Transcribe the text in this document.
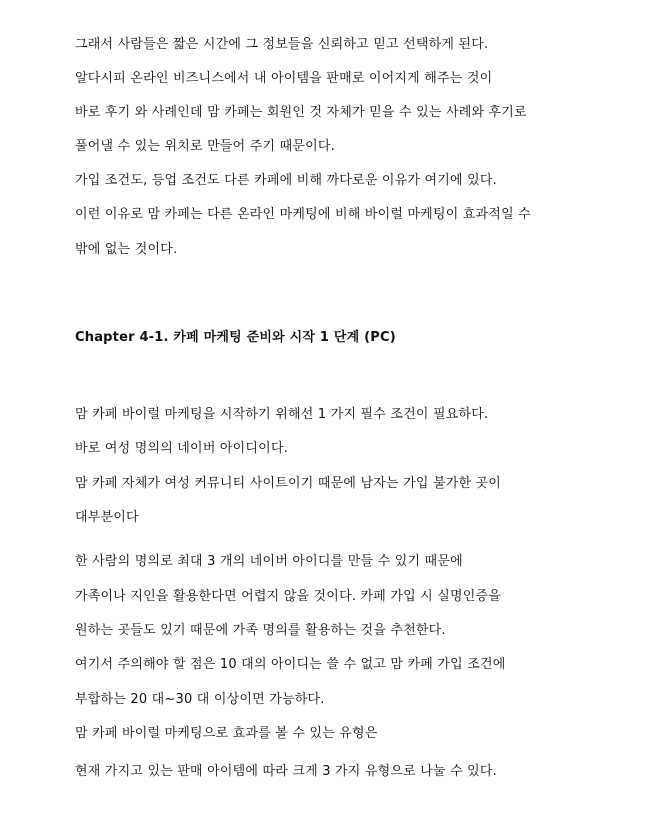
그래서 사람들은 짧은 시간에 그 정보들을 신뢰하고 믿고 선택하게 된다.
알다시피 온라인 비즈니스에서 내 아이템을 판매로 이어지게 해주는 것이
바로 후기 와 사례인데 맘 카페는 회원인 것 자체가 믿을 수 있는 사례와 후기로
풀어낼 수 있는 위치로 만들어 주기 때문이다.
가입 조건도, 등업 조건도 다른 카페에 비해 까다로운 이유가 여기에 있다.
이런 이유로 맘 카페는 다른 온라인 마케팅에 비해 바이럴 마케팅이 효과적일 수
밖에 없는 것이다.
Chapter 4-1. 카페 마케팅 준비와 시작 1 단계 (PC)
맘 카페 바이럴 마케팅을 시작하기 위해선 1 가지 필수 조건이 필요하다.
바로 여성 명의의 네이버 아이디이다.
맘 카페 자체가 여성 커뮤니티 사이트이기 때문에 남자는 가입 불가한 곳이
대부분이다
한 사람의 명의로 최대 3 개의 네이버 아이디를 만들 수 있기 때문에
가족이나 지인을 활용한다면 어렵지 않을 것이다. 카페 가입 시 실명인증을
원하는 곳들도 있기 때문에 가족 명의를 활용하는 것을 추천한다.
여기서 주의해야 할 점은 10 대의 아이디는 쓸 수 없고 맘 카페 가입 조건에
부합하는 20 대~30 대 이상이면 가능하다.
맘 카페 바이럴 마케팅으로 효과를 볼 수 있는 유형은
현재 가지고 있는 판매 아이템에 따라 크게 3 가지 유형으로 나눌 수 있다.
